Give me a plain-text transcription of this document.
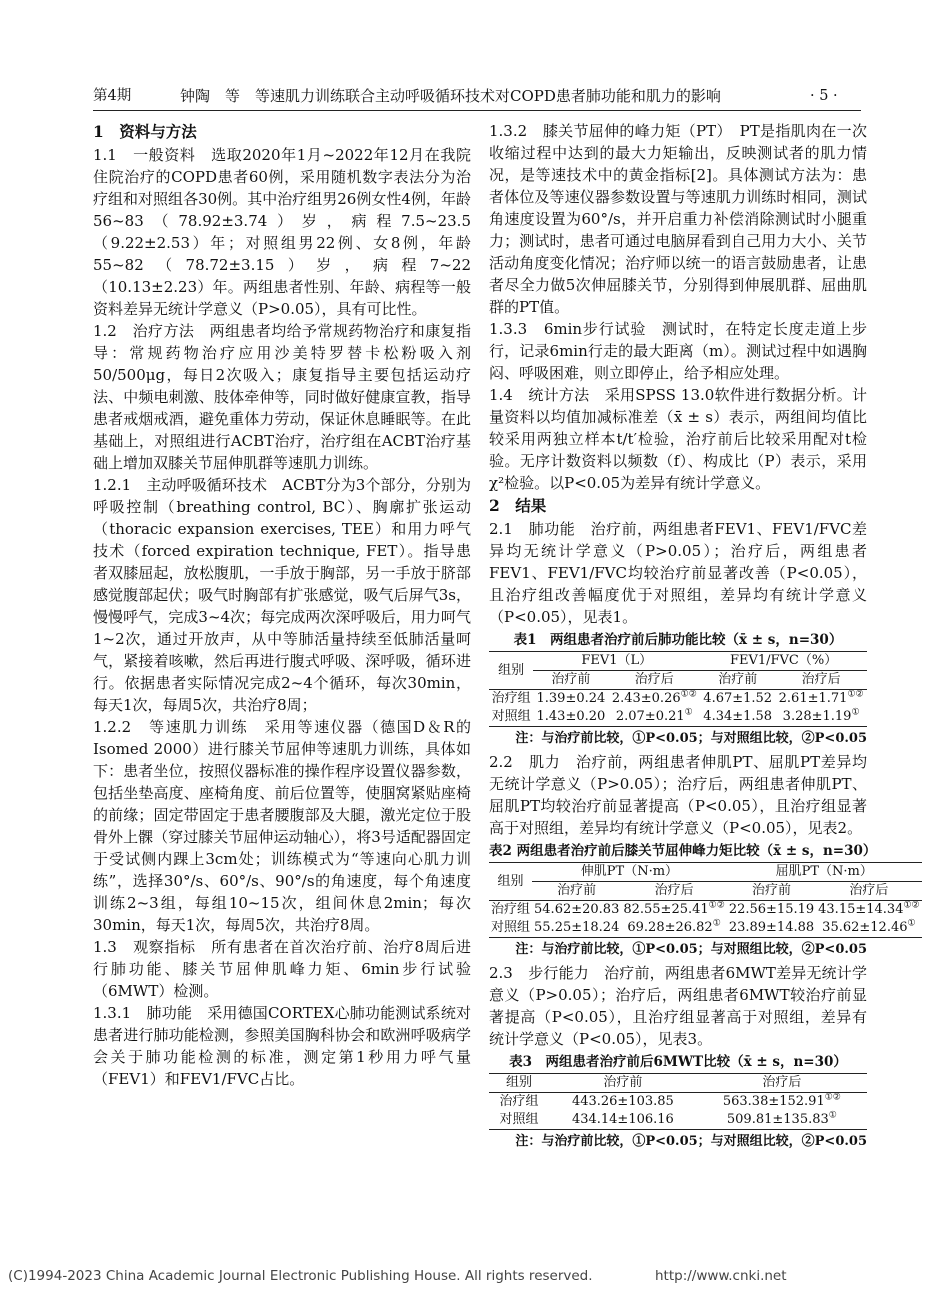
第4期	钟陶　等　等速肌力训练联合主动呼吸循环技术对COPD患者肺功能和肌力的影响	· 5 ·

1　资料与方法

1.1　一般资料　选取2020年1月~2022年12月在我院住院治疗的COPD患者60例，采用随机数字表法分为治疗组和对照组各30例。其中治疗组男26例女性4例，年龄56~83（78.92±3.74）岁，病程7.5~23.5（9.22±2.53）年；对照组男22例、女8例，年龄55~82（78.72±3.15）岁，病程7~22（10.13±2.23）年。两组患者性别、年龄、病程等一般资料差异无统计学意义（P>0.05），具有可比性。

1.2　治疗方法　两组患者均给予常规药物治疗和康复指导：常规药物治疗应用沙美特罗替卡松粉吸入剂50/500μg，每日2次吸入；康复指导主要包括运动疗法、中频电刺激、肢体牵伸等，同时做好健康宣教，指导患者戒烟戒酒，避免重体力劳动，保证休息睡眠等。在此基础上，对照组进行ACBT治疗，治疗组在ACBT治疗基础上增加双膝关节屈伸肌群等速肌力训练。

1.2.1　主动呼吸循环技术　ACBT分为3个部分，分别为呼吸控制（breathing control, BC）、胸廓扩张运动（thoracic expansion exercises, TEE）和用力呼气技术（forced expiration technique, FET）。指导患者双膝屈起，放松腹肌，一手放于胸部，另一手放于脐部感觉腹部起伏；吸气时胸部有扩张感觉，吸气后屏气3s，慢慢呼气，完成3~4次；每完成两次深呼吸后，用力呵气1~2次，通过开放声，从中等肺活量持续至低肺活量呵气，紧接着咳嗽，然后再进行腹式呼吸、深呼吸，循环进行。依据患者实际情况完成2~4个循环，每次30min，每天1次，每周5次，共治疗8周；

1.2.2　等速肌力训练　采用等速仪器（德国D＆R的Isomed 2000）进行膝关节屈伸等速肌力训练，具体如下：患者坐位，按照仪器标准的操作程序设置仪器参数，包括坐垫高度、座椅角度、前后位置等，使腘窝紧贴座椅的前缘；固定带固定于患者腰腹部及大腿，激光定位于股骨外上髁（穿过膝关节屈伸运动轴心），将3号适配器固定于受试侧内踝上3cm处；训练模式为“等速向心肌力训练”，选择30°/s、60°/s、90°/s的角速度，每个角速度训练2~3组，每组10~15次，组间休息2min；每次30min，每天1次，每周5次，共治疗8周。

1.3　观察指标　所有患者在首次治疗前、治疗8周后进行肺功能、膝关节屈伸肌峰力矩、6min步行试验（6MWT）检测。

1.3.1　肺功能　采用德国CORTEX心肺功能测试系统对患者进行肺功能检测，参照美国胸科协会和欧洲呼吸病学会关于肺功能检测的标准，测定第1秒用力呼气量（FEV1）和FEV1/FVC占比。

1.3.2　膝关节屈伸的峰力矩（PT）　PT是指肌肉在一次收缩过程中达到的最大力矩输出，反映测试者的肌力情况，是等速技术中的黄金指标[2]。具体测试方法为：患者体位及等速仪器参数设置与等速肌力训练时相同，测试角速度设置为60°/s，并开启重力补偿消除测试时小腿重力；测试时，患者可通过电脑屏看到自己用力大小、关节活动角度变化情况；治疗师以统一的语言鼓励患者，让患者尽全力做5次伸屈膝关节，分别得到伸展肌群、屈曲肌群的PT值。

1.3.3　6min步行试验　测试时，在特定长度走道上步行，记录6min行走的最大距离（m）。测试过程中如遇胸闷、呼吸困难，则立即停止，给予相应处理。

1.4　统计方法　采用SPSS 13.0软件进行数据分析。计量资料以均值加减标准差（x̄ ± s）表示，两组间均值比较采用两独立样本t/t′检验，治疗前后比较采用配对t检验。无序计数资料以频数（f）、构成比（P）表示，采用χ²检验。以P<0.05为差异有统计学意义。

2　结果

2.1　肺功能　治疗前，两组患者FEV1、FEV1/FVC差异均无统计学意义（P>0.05）；治疗后，两组患者FEV1、FEV1/FVC均较治疗前显著改善（P<0.05），且治疗组改善幅度优于对照组，差异均有统计学意义（P<0.05），见表1。

表1　两组患者治疗前后肺功能比较（x̄ ± s，n=30）
组别	FEV1（L）		FEV1/FVC（%）	
	治疗前	治疗后	治疗前	治疗后
治疗组	1.39±0.24	2.43±0.26①②	4.67±1.52	2.61±1.71①②
对照组	1.43±0.20	2.07±0.21①	4.34±1.58	3.28±1.19①
注：与治疗前比较，①P<0.05；与对照组比较，②P<0.05

2.2　肌力　治疗前，两组患者伸肌PT、屈肌PT差异均无统计学意义（P>0.05）；治疗后，两组患者伸肌PT、屈肌PT均较治疗前显著提高（P<0.05），且治疗组显著高于对照组，差异均有统计学意义（P<0.05），见表2。

表2 两组患者治疗前后膝关节屈伸峰力矩比较（x̄ ± s，n=30）
组别	伸肌PT（N·m）		屈肌PT（N·m）	
	治疗前	治疗后	治疗前	治疗后
治疗组	54.62±20.83	82.55±25.41①②	22.56±15.19	43.15±14.34①②
对照组	55.25±18.24	69.28±26.82①	23.89±14.88	35.62±12.46①
注：与治疗前比较，①P<0.05；与对照组比较，②P<0.05

2.3　步行能力　治疗前，两组患者6MWT差异无统计学意义（P>0.05）；治疗后，两组患者6MWT较治疗前显著提高（P<0.05），且治疗组显著高于对照组，差异有统计学意义（P<0.05），见表3。

表3　两组患者治疗前后6MWT比较（x̄ ± s，n=30）
组别	治疗前	治疗后
治疗组	443.26±103.85	563.38±152.91①②
对照组	434.14±106.16	509.81±135.83①
注：与治疗前比较，①P<0.05；与对照组比较，②P<0.05
(C)1994-2023 China Academic Journal Electronic Publishing House. All rights reserved.	http://www.cnki.net
